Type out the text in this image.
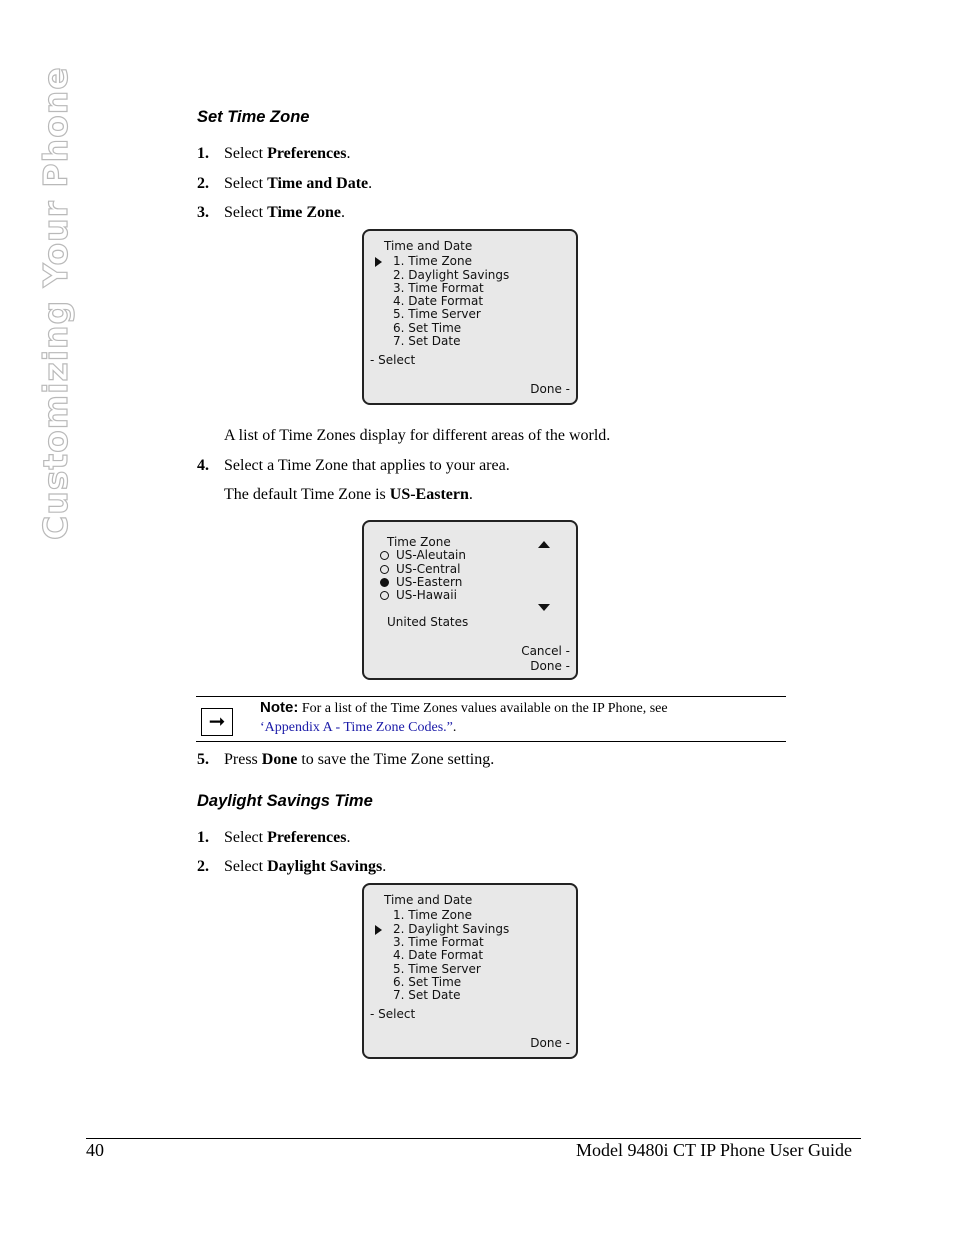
Customizing Your Phone	Set Time Zone
1. Select Preferences.
2. Select Time and Date.
3. Select Time Zone.
Time and Date
1. Time Zone
2. Daylight Savings
3. Time Format
4. Date Format
5. Time Server
6. Set Time
7. Set Date
- Select
Done -
A list of Time Zones display for different areas of the world.
4. Select a Time Zone that applies to your area.
The default Time Zone is US-Eastern.
Time Zone
US-Aleutain
US-Central
US-Eastern
US-Hawaii
United States
Cancel -
Done -
➞
Note: For a list of the Time Zones values available on the IP Phone, see
‘Appendix A - Time Zone Codes.”.
5. Press Done to save the Time Zone setting.
Daylight Savings Time
1. Select Preferences.
2. Select Daylight Savings.
Time and Date
1. Time Zone
2. Daylight Savings
3. Time Format
4. Date Format
5. Time Server
6. Set Time
7. Set Date
- Select
Done -
40	Model 9480i CT IP Phone User Guide
